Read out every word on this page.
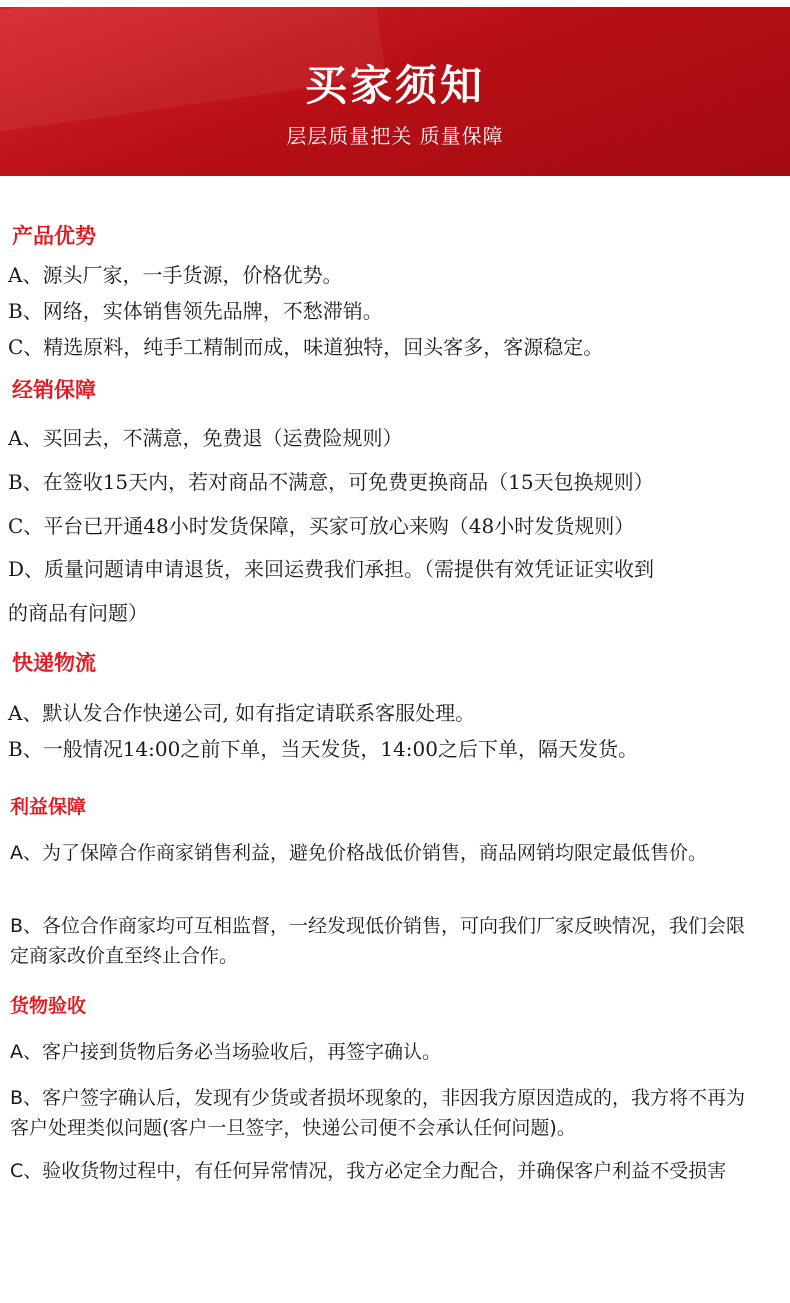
买家须知
层层质量把关 质量保障
产品优势
A、源头厂家，一手货源，价格优势。
B、网络，实体销售领先品牌，不愁滞销。
C、精选原料，纯手工精制而成，味道独特，回头客多，客源稳定。
经销保障
A、买回去，不满意，免费退（运费险规则）
B、在签收15天内，若对商品不满意，可免费更换商品（15天包换规则）
C、平台已开通48小时发货保障，买家可放心来购（48小时发货规则）
D、质量问题请申请退货，来回运费我们承担。（需提供有效凭证证实收到
的商品有问题）
快递物流
A、默认发合作快递公司, 如有指定请联系客服处理。
B、一般情况14:00之前下单，当天发货，14:00之后下单，隔天发货。
利益保障
A、为了保障合作商家销售利益，避免价格战低价销售，商品网销均限定最低售价。
B、各位合作商家均可互相监督，一经发现低价销售，可向我们厂家反映情况，我们会限定商家改价直至终止合作。
货物验收
A、客户接到货物后务必当场验收后，再签字确认。
B、客户签字确认后，发现有少货或者损坏现象的，非因我方原因造成的，我方将不再为客户处理类似问题(客户一旦签字，快递公司便不会承认任何问题)。
C、验收货物过程中，有任何异常情况，我方必定全力配合，并确保客户利益不受损害
